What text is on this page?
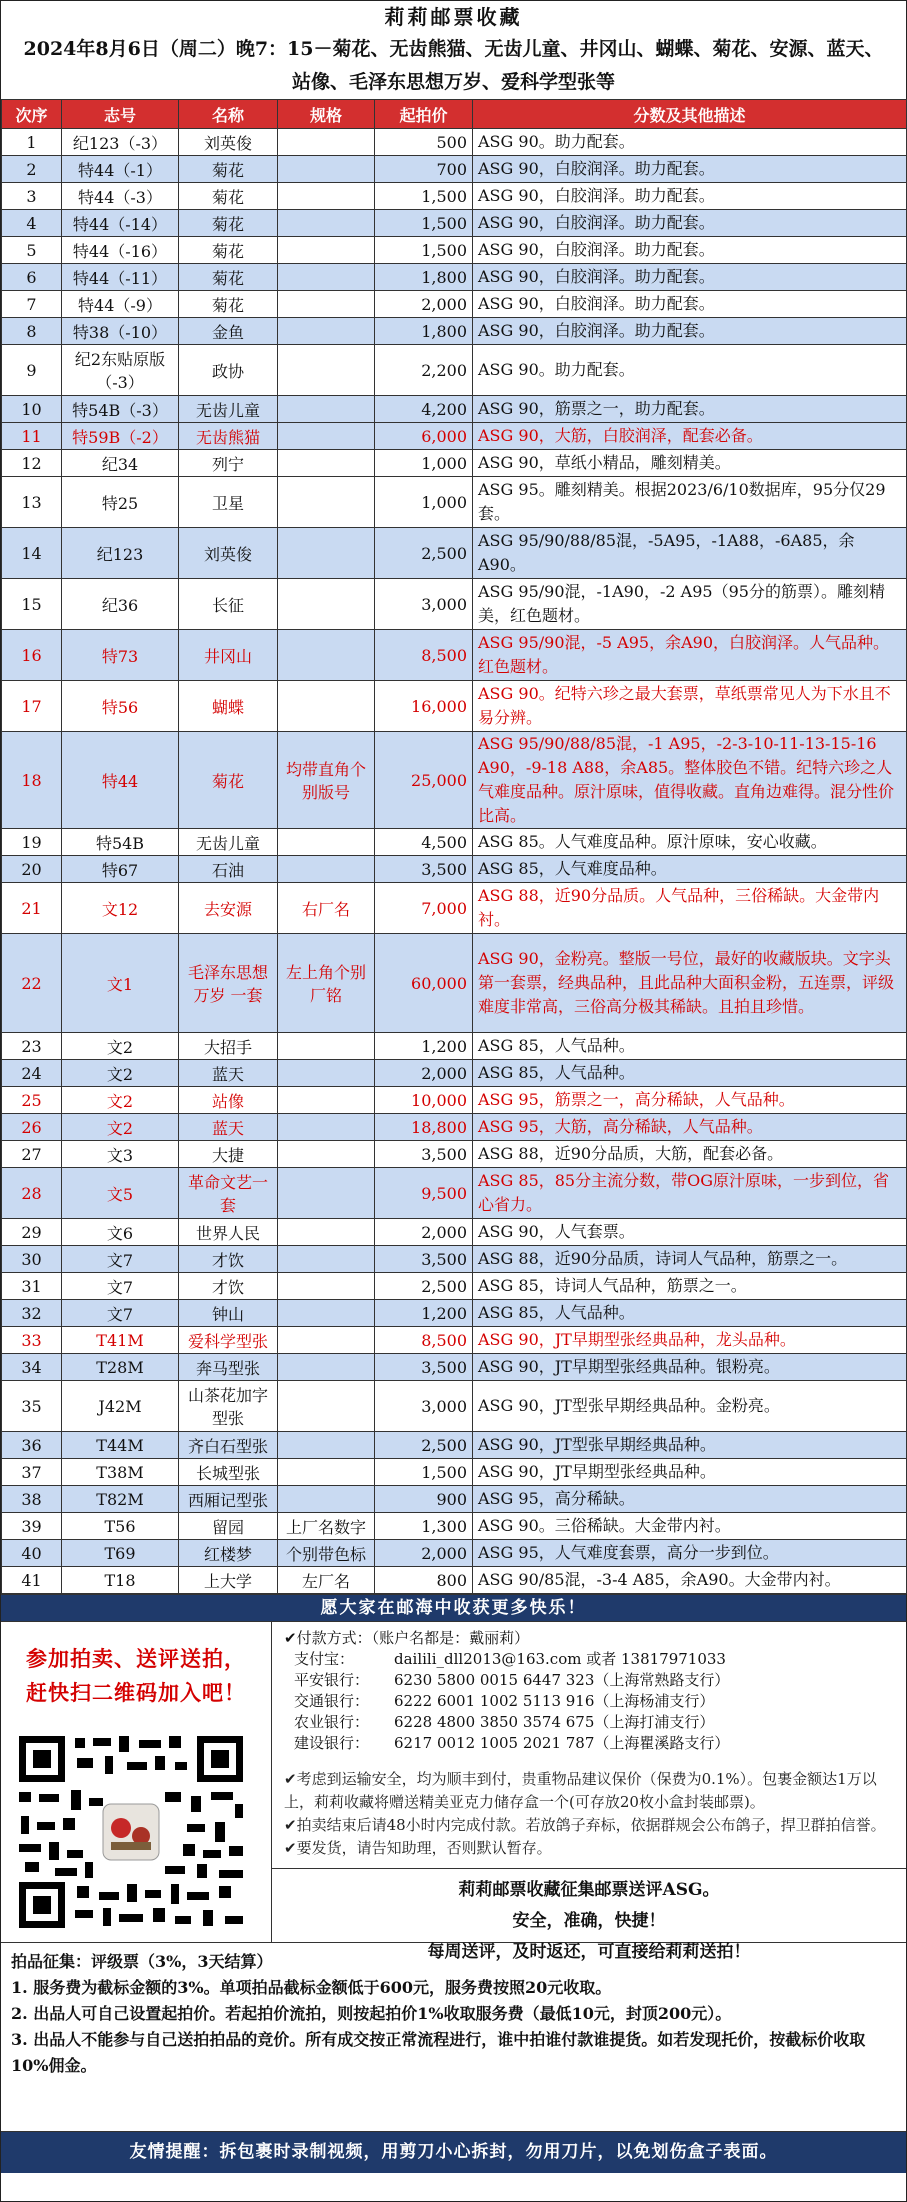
莉莉邮票收藏
2024年8月6日（周二）晚7：15－菊花、无齿熊猫、无齿儿童、井冈山、蝴蝶、菊花、安源、蓝天、站像、毛泽东思想万岁、爱科学型张等
次序	志号	名称	规格	起拍价	分数及其他描述
1	纪123（-3）	刘英俊		500	ASG 90。助力配套。
2	特44（-1）	菊花		700	ASG 90，白胶润泽。助力配套。
3	特44（-3）	菊花		1,500	ASG 90，白胶润泽。助力配套。
4	特44（-14）	菊花		1,500	ASG 90，白胶润泽。助力配套。
5	特44（-16）	菊花		1,500	ASG 90，白胶润泽。助力配套。
6	特44（-11）	菊花		1,800	ASG 90，白胶润泽。助力配套。
7	特44（-9）	菊花		2,000	ASG 90，白胶润泽。助力配套。
8	特38（-10）	金鱼		1,800	ASG 90，白胶润泽。助力配套。
9	纪2东贴原版（-3）	政协		2,200	ASG 90。助力配套。
10	特54B（-3）	无齿儿童		4,200	ASG 90，筋票之一，助力配套。
11	特59B（-2）	无齿熊猫		6,000	ASG 90，大筋，白胶润泽，配套必备。
12	纪34	列宁		1,000	ASG 90，草纸小精品，雕刻精美。
13	特25	卫星		1,000	ASG 95。雕刻精美。根据2023/6/10数据库，95分仅29套。
14	纪123	刘英俊		2,500	ASG 95/90/88/85混，-5A95，-1A88，-6A85，余A90。
15	纪36	长征		3,000	ASG 95/90混，-1A90，-2 A95（95分的筋票）。雕刻精美，红色题材。
16	特73	井冈山		8,500	ASG 95/90混，-5 A95，余A90，白胶润泽。人气品种。红色题材。
17	特56	蝴蝶		16,000	ASG 90。纪特六珍之最大套票，草纸票常见人为下水且不易分辨。
18	特44	菊花	均带直角个别版号	25,000	ASG 95/90/88/85混，-1 A95，-2-3-10-11-13-15-16 A90，-9-18 A88，余A85。整体胶色不错。纪特六珍之人气难度品种。原汁原味，值得收藏。直角边难得。混分性价比高。
19	特54B	无齿儿童		4,500	ASG 85。人气难度品种。原汁原味，安心收藏。
20	特67	石油		3,500	ASG 85，人气难度品种。
21	文12	去安源	右厂名	7,000	ASG 88，近90分品质。人气品种，三俗稀缺。大金带内衬。
22	文1	毛泽东思想万岁 一套	左上角个别厂铭	60,000	ASG 90，金粉亮。整版一号位，最好的收藏版块。文字头第一套票，经典品种，且此品种大面积金粉，五连票，评级难度非常高，三俗高分极其稀缺。且拍且珍惜。
23	文2	大招手		1,200	ASG 85，人气品种。
24	文2	蓝天		2,000	ASG 85，人气品种。
25	文2	站像		10,000	ASG 95，筋票之一，高分稀缺，人气品种。
26	文2	蓝天		18,800	ASG 95，大筋，高分稀缺，人气品种。
27	文3	大捷		3,500	ASG 88，近90分品质，大筋，配套必备。
28	文5	革命文艺一套		9,500	ASG 85，85分主流分数，带OG原汁原味，一步到位，省心省力。
29	文6	世界人民		2,000	ASG 90，人气套票。
30	文7	才饮		3,500	ASG 88，近90分品质，诗词人气品种，筋票之一。
31	文7	才饮		2,500	ASG 85，诗词人气品种，筋票之一。
32	文7	钟山		1,200	ASG 85，人气品种。
33	T41M	爱科学型张		8,500	ASG 90，JT早期型张经典品种，龙头品种。
34	T28M	奔马型张		3,500	ASG 90，JT早期型张经典品种。银粉亮。
35	J42M	山茶花加字型张		3,000	ASG 90，JT型张早期经典品种。金粉亮。
36	T44M	齐白石型张		2,500	ASG 90，JT型张早期经典品种。
37	T38M	长城型张		1,500	ASG 90，JT早期型张经典品种。
38	T82M	西厢记型张		900	ASG 95，高分稀缺。
39	T56	留园	上厂名数字	1,300	ASG 90。三俗稀缺。大金带内衬。
40	T69	红楼梦	个别带色标	2,000	ASG 95，人气难度套票，高分一步到位。
41	T18	上大学	左厂名	800	ASG 90/85混，-3-4 A85，余A90。大金带内衬。
愿大家在邮海中收获更多快乐！
参加拍卖、送评送拍，
赶快扫二维码加入吧！
✔付款方式：（账户名都是：戴丽莉）
支付宝：	dailili_dll2013@163.com 或者 13817971033
平安银行：	6230 5800 0015 6447 323（上海常熟路支行）
交通银行：	6222 6001 1002 5113 916（上海杨浦支行）
农业银行：	6228 4800 3850 3574 675（上海打浦支行）
建设银行：	6217 0012 1005 2021 787（上海瞿溪路支行）
✔考虑到运输安全，均为顺丰到付，贵重物品建议保价（保费为0.1%）。包裹金额达1万以上，莉莉收藏将赠送精美亚克力储存盒一个(可存放20枚小盒封装邮票)。
✔拍卖结束后请48小时内完成付款。若放鸽子弃标，依据群规会公布鸽子，捍卫群拍信誉。
✔要发货，请告知助理，否则默认暂存。
莉莉邮票收藏征集邮票送评ASG。
安全，准确，快捷！
每周送评，及时返还，可直接给莉莉送拍！
拍品征集：评级票（3%，3天结算）
1. 服务费为截标金额的3%。单项拍品截标金额低于600元，服务费按照20元收取。
2. 出品人可自己设置起拍价。若起拍价流拍，则按起拍价1%收取服务费（最低10元，封顶200元）。
3. 出品人不能参与自己送拍拍品的竞价。所有成交按正常流程进行，谁中拍谁付款谁提货。如若发现托价，按截标价收取10%佣金。
友情提醒：拆包裹时录制视频，用剪刀小心拆封，勿用刀片，以免划伤盒子表面。
